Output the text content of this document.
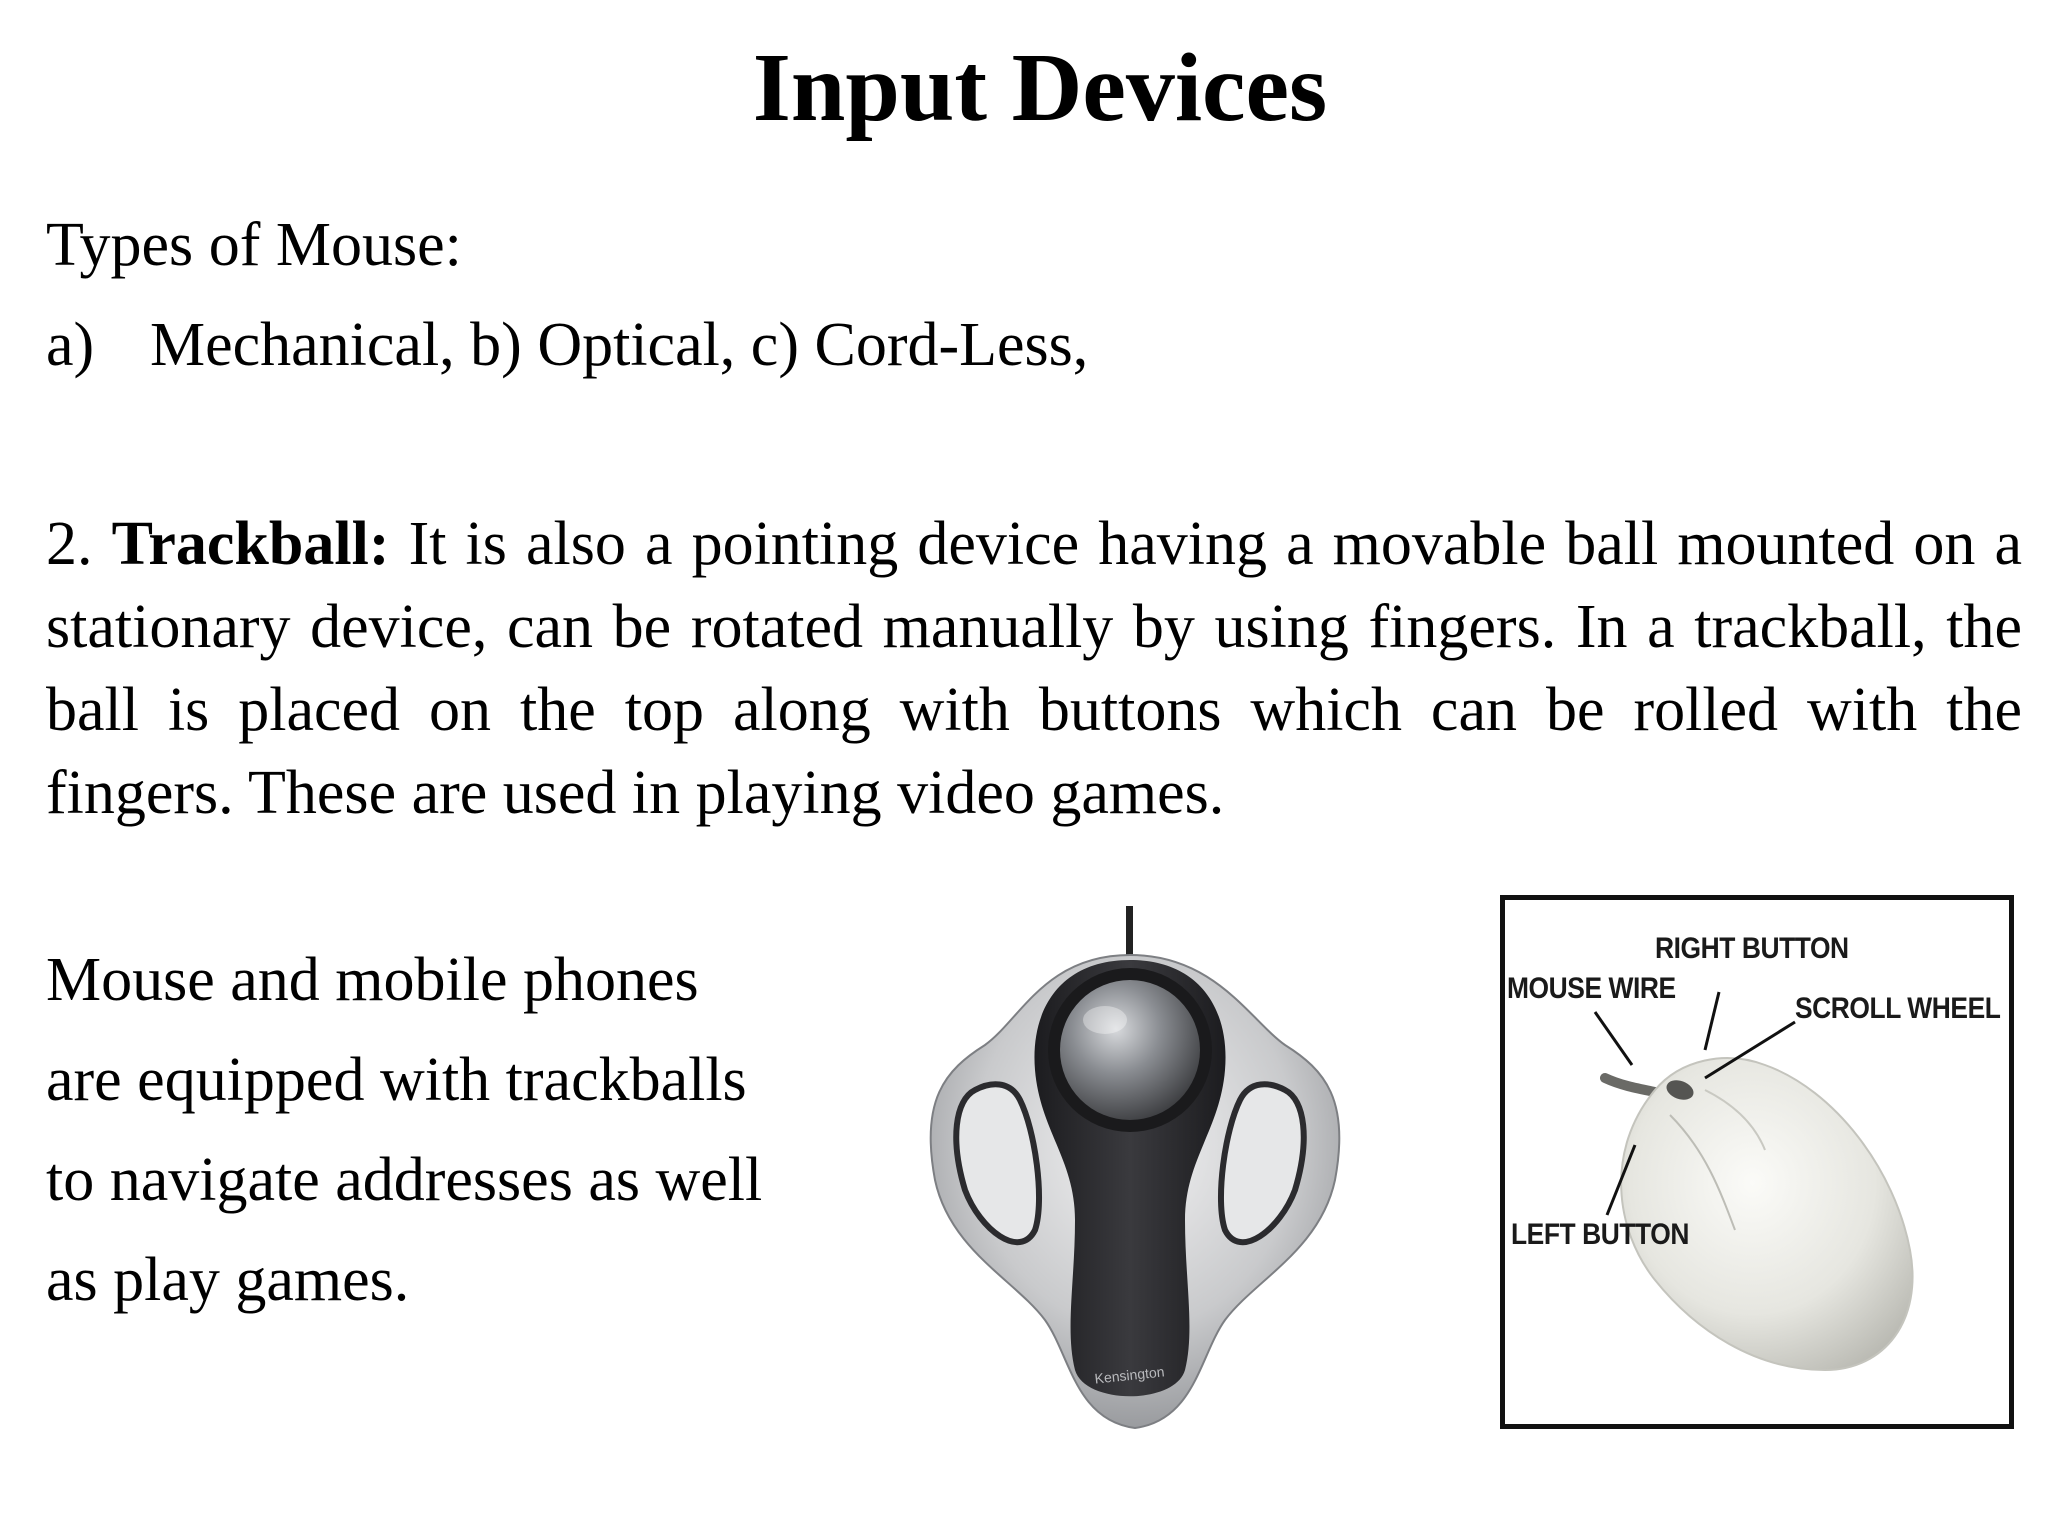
Input Devices
Types of Mouse:
a) Mechanical, b) Optical, c) Cord-Less,

2. Trackball: It is also a pointing device having a movable ball mounted on a stationary device, can be rotated manually by using fingers. In a trackball, the ball is placed on the top along with buttons which can be rolled with the fingers. These are used in playing video games.

Mouse and mobile phones
are equipped with trackballs
to navigate addresses as well
as play games.
Kensington
RIGHT BUTTON
MOUSE WIRE
SCROLL WHEEL
LEFT BUTTON
